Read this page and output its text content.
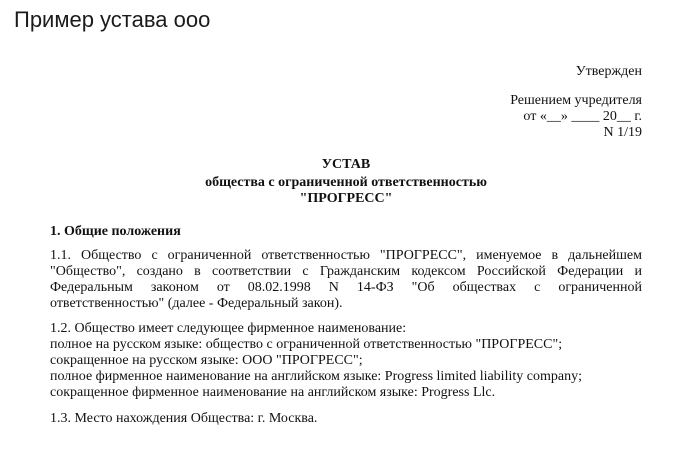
Пример устава ооо
Утвержден
Решением учредителя
от «__» ____ 20__ г.
N 1/19
УСТАВ
общества с ограниченной ответственностью
"ПРОГРЕСС"
1. Общие положения
1.1. Общество с ограниченной ответственностью "ПРОГРЕСС", именуемое в дальнейшем
"Общество", создано в соответствии с Гражданским кодексом Российской Федерации и
Федеральным законом от 08.02.1998 N 14-ФЗ "Об обществах с ограниченной
ответственностью" (далее - Федеральный закон).
1.2. Общество имеет следующее фирменное наименование:
полное на русском языке: общество с ограниченной ответственностью "ПРОГРЕСС";
сокращенное на русском языке: ООО "ПРОГРЕСС";
полное фирменное наименование на английском языке: Progress limited liability company;
сокращенное фирменное наименование на английском языке: Progress Llc.
1.3. Место нахождения Общества: г. Москва.
